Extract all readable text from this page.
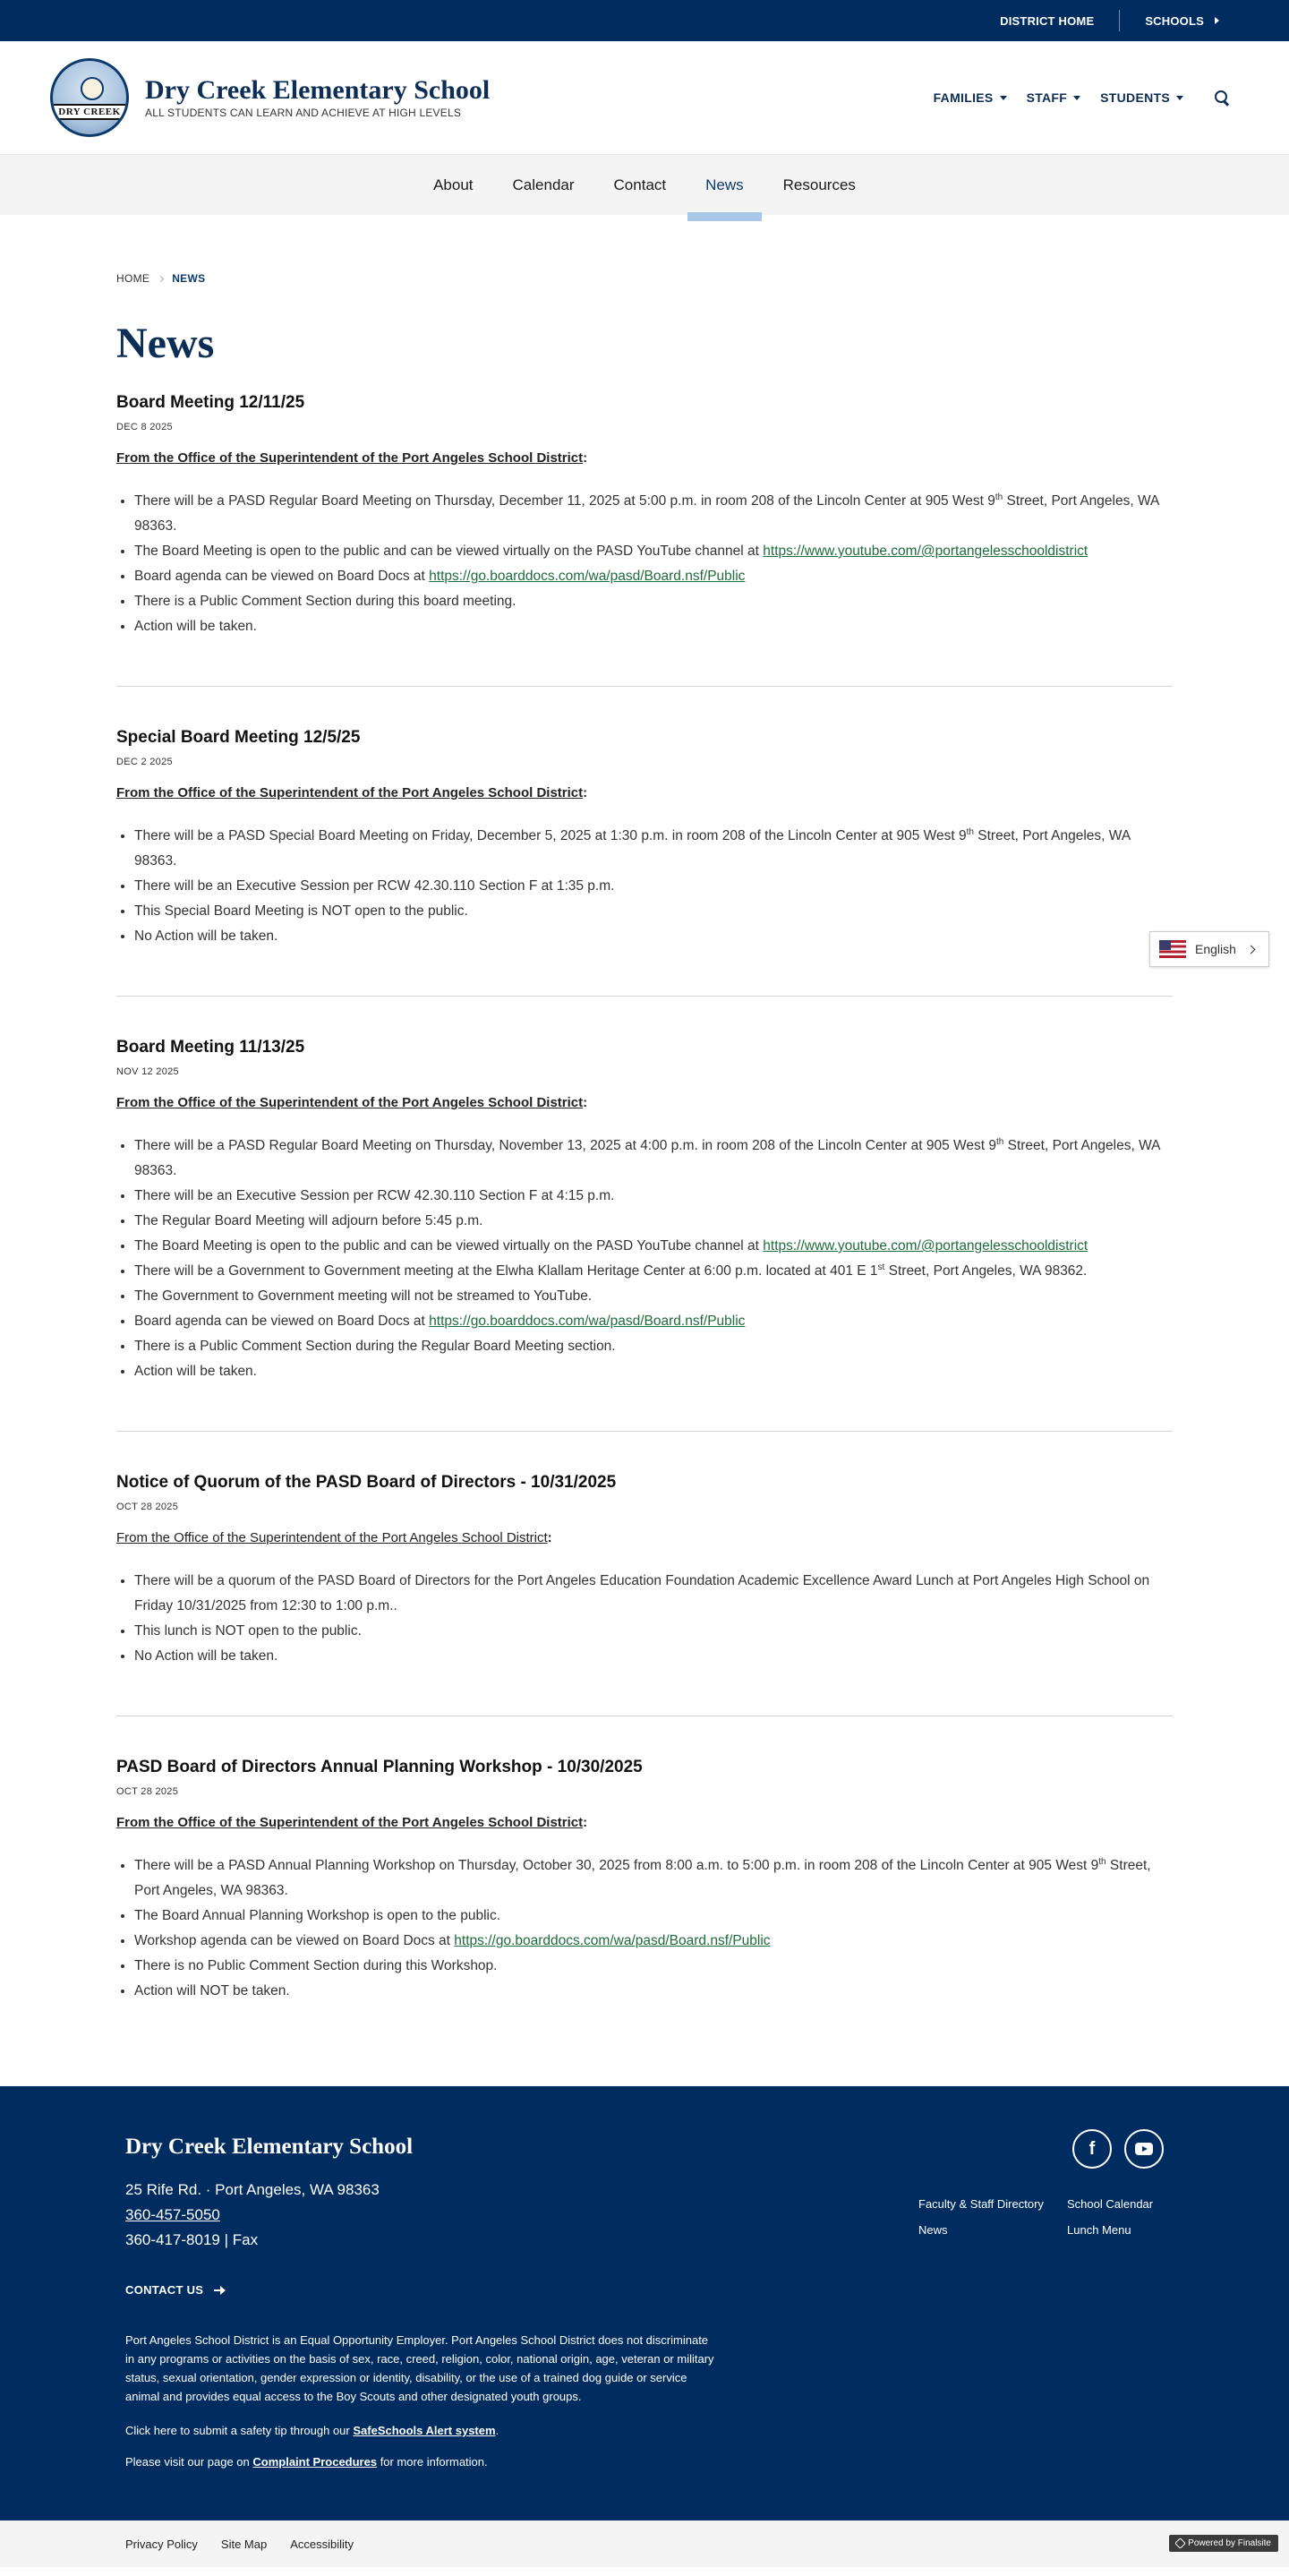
DISTRICT HOME	SCHOOLS
DRY CREEK
Dry Creek Elementary School
ALL STUDENTS CAN LEARN AND ACHIEVE AT HIGH LEVELS
FAMILIES	STAFF	STUDENTS
About	Calendar	Contact	News	Resources
HOME NEWS
News
Board Meeting 12/11/25
DEC 8 2025
From the Office of the Superintendent of the Port Angeles School District:
• There will be a PASD Regular Board Meeting on Thursday, December 11, 2025 at 5:00 p.m. in room 208 of the Lincoln Center at 905 West 9th Street, Port Angeles, WA 98363.
• The Board Meeting is open to the public and can be viewed virtually on the PASD YouTube channel at https://www.youtube.com/@portangelesschooldistrict
• Board agenda can be viewed on Board Docs at https://go.boarddocs.com/wa/pasd/Board.nsf/Public
• There is a Public Comment Section during this board meeting.
• Action will be taken.
Special Board Meeting 12/5/25
DEC 2 2025
From the Office of the Superintendent of the Port Angeles School District:
• There will be a PASD Special Board Meeting on Friday, December 5, 2025 at 1:30 p.m. in room 208 of the Lincoln Center at 905 West 9th Street, Port Angeles, WA 98363.
• There will be an Executive Session per RCW 42.30.110 Section F at 1:35 p.m.
• This Special Board Meeting is NOT open to the public.
• No Action will be taken.
Board Meeting 11/13/25
NOV 12 2025
From the Office of the Superintendent of the Port Angeles School District:
• There will be a PASD Regular Board Meeting on Thursday, November 13, 2025 at 4:00 p.m. in room 208 of the Lincoln Center at 905 West 9th Street, Port Angeles, WA 98363.
• There will be an Executive Session per RCW 42.30.110 Section F at 4:15 p.m.
• The Regular Board Meeting will adjourn before 5:45 p.m.
• The Board Meeting is open to the public and can be viewed virtually on the PASD YouTube channel at https://www.youtube.com/@portangelesschooldistrict
• There will be a Government to Government meeting at the Elwha Klallam Heritage Center at 6:00 p.m. located at 401 E 1st Street, Port Angeles, WA 98362.
• The Government to Government meeting will not be streamed to YouTube.
• Board agenda can be viewed on Board Docs at https://go.boarddocs.com/wa/pasd/Board.nsf/Public
• There is a Public Comment Section during the Regular Board Meeting section.
• Action will be taken.
Notice of Quorum of the PASD Board of Directors - 10/31/2025
OCT 28 2025
From the Office of the Superintendent of the Port Angeles School District:
• There will be a quorum of the PASD Board of Directors for the Port Angeles Education Foundation Academic Excellence Award Lunch at Port Angeles High School on Friday 10/31/2025 from 12:30 to 1:00 p.m..
• This lunch is NOT open to the public.
• No Action will be taken.
PASD Board of Directors Annual Planning Workshop - 10/30/2025
OCT 28 2025
From the Office of the Superintendent of the Port Angeles School District:
• There will be a PASD Annual Planning Workshop on Thursday, October 30, 2025 from 8:00 a.m. to 5:00 p.m. in room 208 of the Lincoln Center at 905 West 9th Street, Port Angeles, WA 98363.
• The Board Annual Planning Workshop is open to the public.
• Workshop agenda can be viewed on Board Docs at https://go.boarddocs.com/wa/pasd/Board.nsf/Public
• There is no Public Comment Section during this Workshop.
• Action will NOT be taken.
English
Dry Creek Elementary School
25 Rife Rd. · Port Angeles, WA 98363
360-457-5050
360-417-8019 | Fax
CONTACT US
Port Angeles School District is an Equal Opportunity Employer. Port Angeles School District does not discriminate in any programs or activities on the basis of sex, race, creed, religion, color, national origin, age, veteran or military status, sexual orientation, gender expression or identity, disability, or the use of a trained dog guide or service animal and provides equal access to the Boy Scouts and other designated youth groups.
Click here to submit a safety tip through our SafeSchools Alert system.
Please visit our page on Complaint Procedures for more information.
f
Faculty & Staff Directory	School Calendar
News	Lunch Menu
Privacy Policy Site Map Accessibility	Powered by Finalsite
